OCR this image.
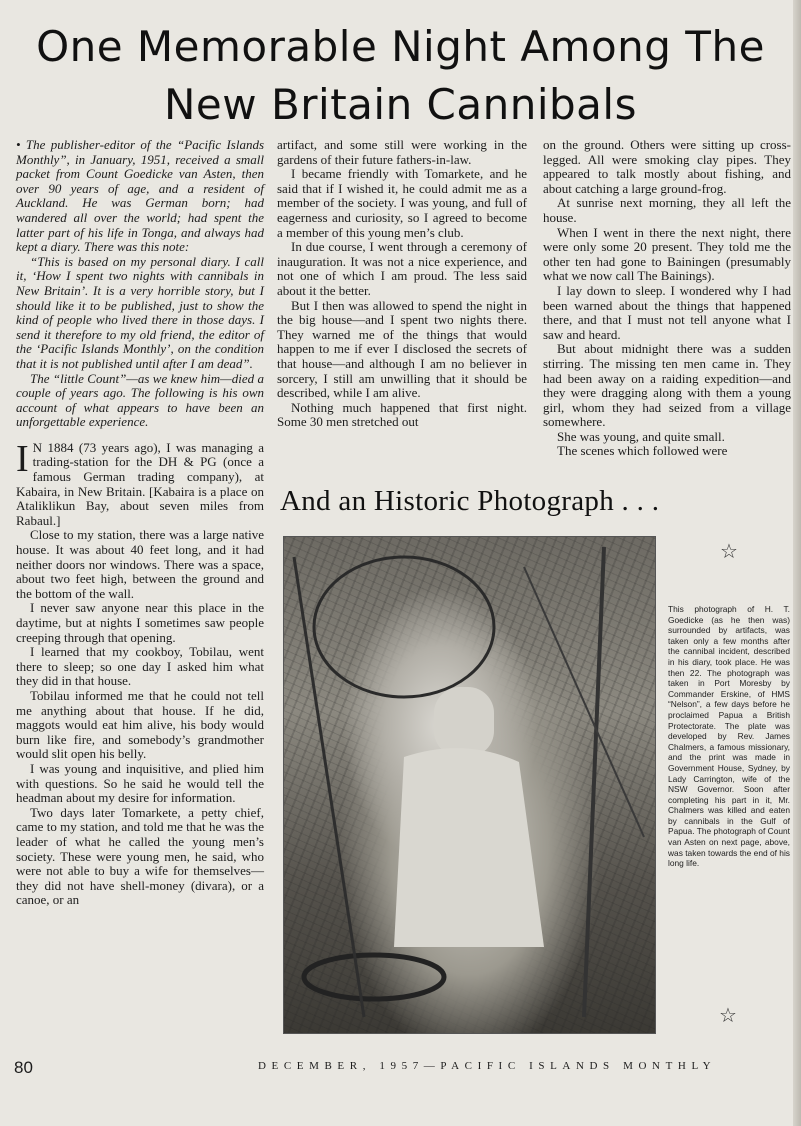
One Memorable Night Among The
New Britain Cannibals

• The publisher-editor of the “Pacific Islands Monthly”, in January, 1951, received a small packet from Count Goedicke van Asten, then over 90 years of age, and a resident of Auckland. He was German born; had wandered all over the world; had spent the latter part of his life in Tonga, and always had kept a diary. There was this note:

“This is based on my personal diary. I call it, ‘How I spent two nights with cannibals in New Britain’. It is a very horrible story, but I should like it to be published, just to show the kind of people who lived there in those days. I send it therefore to my old friend, the editor of the ‘Pacific Islands Monthly’, on the condition that it is not published until after I am dead”.

The “little Count”—as we knew him—died a couple of years ago. The following is his own account of what appears to have been an unforgettable experience.

I N 1884 (73 years ago), I was managing a trading-station for the DH & PG (once a famous German trading company), at Kabaira, in New Britain. [Kabaira is a place on Ataliklikun Bay, about seven miles from Rabaul.]

Close to my station, there was a large native house. It was about 40 feet long, and it had neither doors nor windows. There was a space, about two feet high, between the ground and the bottom of the wall.

I never saw anyone near this place in the daytime, but at nights I sometimes saw people creeping through that opening.

I learned that my cookboy, Tobilau, went there to sleep; so one day I asked him what they did in that house.

Tobilau informed me that he could not tell me anything about that house. If he did, maggots would eat him alive, his body would burn like fire, and somebody’s grandmother would slit open his belly.

I was young and inquisitive, and plied him with questions. So he said he would tell the headman about my desire for information.

Two days later Tomarkete, a petty chief, came to my station, and told me that he was the leader of what he called the young men’s society. These were young men, he said, who were not able to buy a wife for themselves—they did not have shell-money (divara), or a canoe, or an

artifact, and some still were working in the gardens of their future fathers-in-law.

I became friendly with Tomarkete, and he said that if I wished it, he could admit me as a member of the society. I was young, and full of eagerness and curiosity, so I agreed to become a member of this young men’s club.

In due course, I went through a ceremony of inauguration. It was not a nice experience, and not one of which I am proud. The less said about it the better.

But I then was allowed to spend the night in the big house—and I spent two nights there. They warned me of the things that would happen to me if ever I disclosed the secrets of that house—and although I am no believer in sorcery, I still am unwilling that it should be described, while I am alive.

Nothing much happened that first night. Some 30 men stretched out

on the ground. Others were sitting up cross-legged. All were smoking clay pipes. They appeared to talk mostly about fishing, and about catching a large ground-frog.

At sunrise next morning, they all left the house.

When I went in there the next night, there were only some 20 present. They told me the other ten had gone to Bainingen (presumably what we now call The Bainings).

I lay down to sleep. I wondered why I had been warned about the things that happened there, and that I must not tell anyone what I saw and heard.

But about midnight there was a sudden stirring. The missing ten men came in. They had been away on a raiding expedition—and they were dragging along with them a young girl, whom they had seized from a village somewhere.

She was young, and quite small.

The scenes which followed were

And an Historic Photograph . . .
☆
This photograph of H. T. Goedicke (as he then was) surrounded by artifacts, was taken only a few months after the cannibal incident, described in his diary, took place. He was then 22. The photograph was taken in Port Moresby by Commander Erskine, of HMS “Nelson”, a few days before he proclaimed Papua a British Protectorate. The plate was developed by Rev. James Chalmers, a famous missionary, and the print was made in Government House, Sydney, by Lady Carrington, wife of the NSW Governor. Soon after completing his part in it, Mr. Chalmers was killed and eaten by cannibals in the Gulf of Papua. The photograph of Count van Asten on next page, above, was taken towards the end of his long life.
☆
80	DECEMBER, 1957—PACIFIC ISLANDS MONTHLY
